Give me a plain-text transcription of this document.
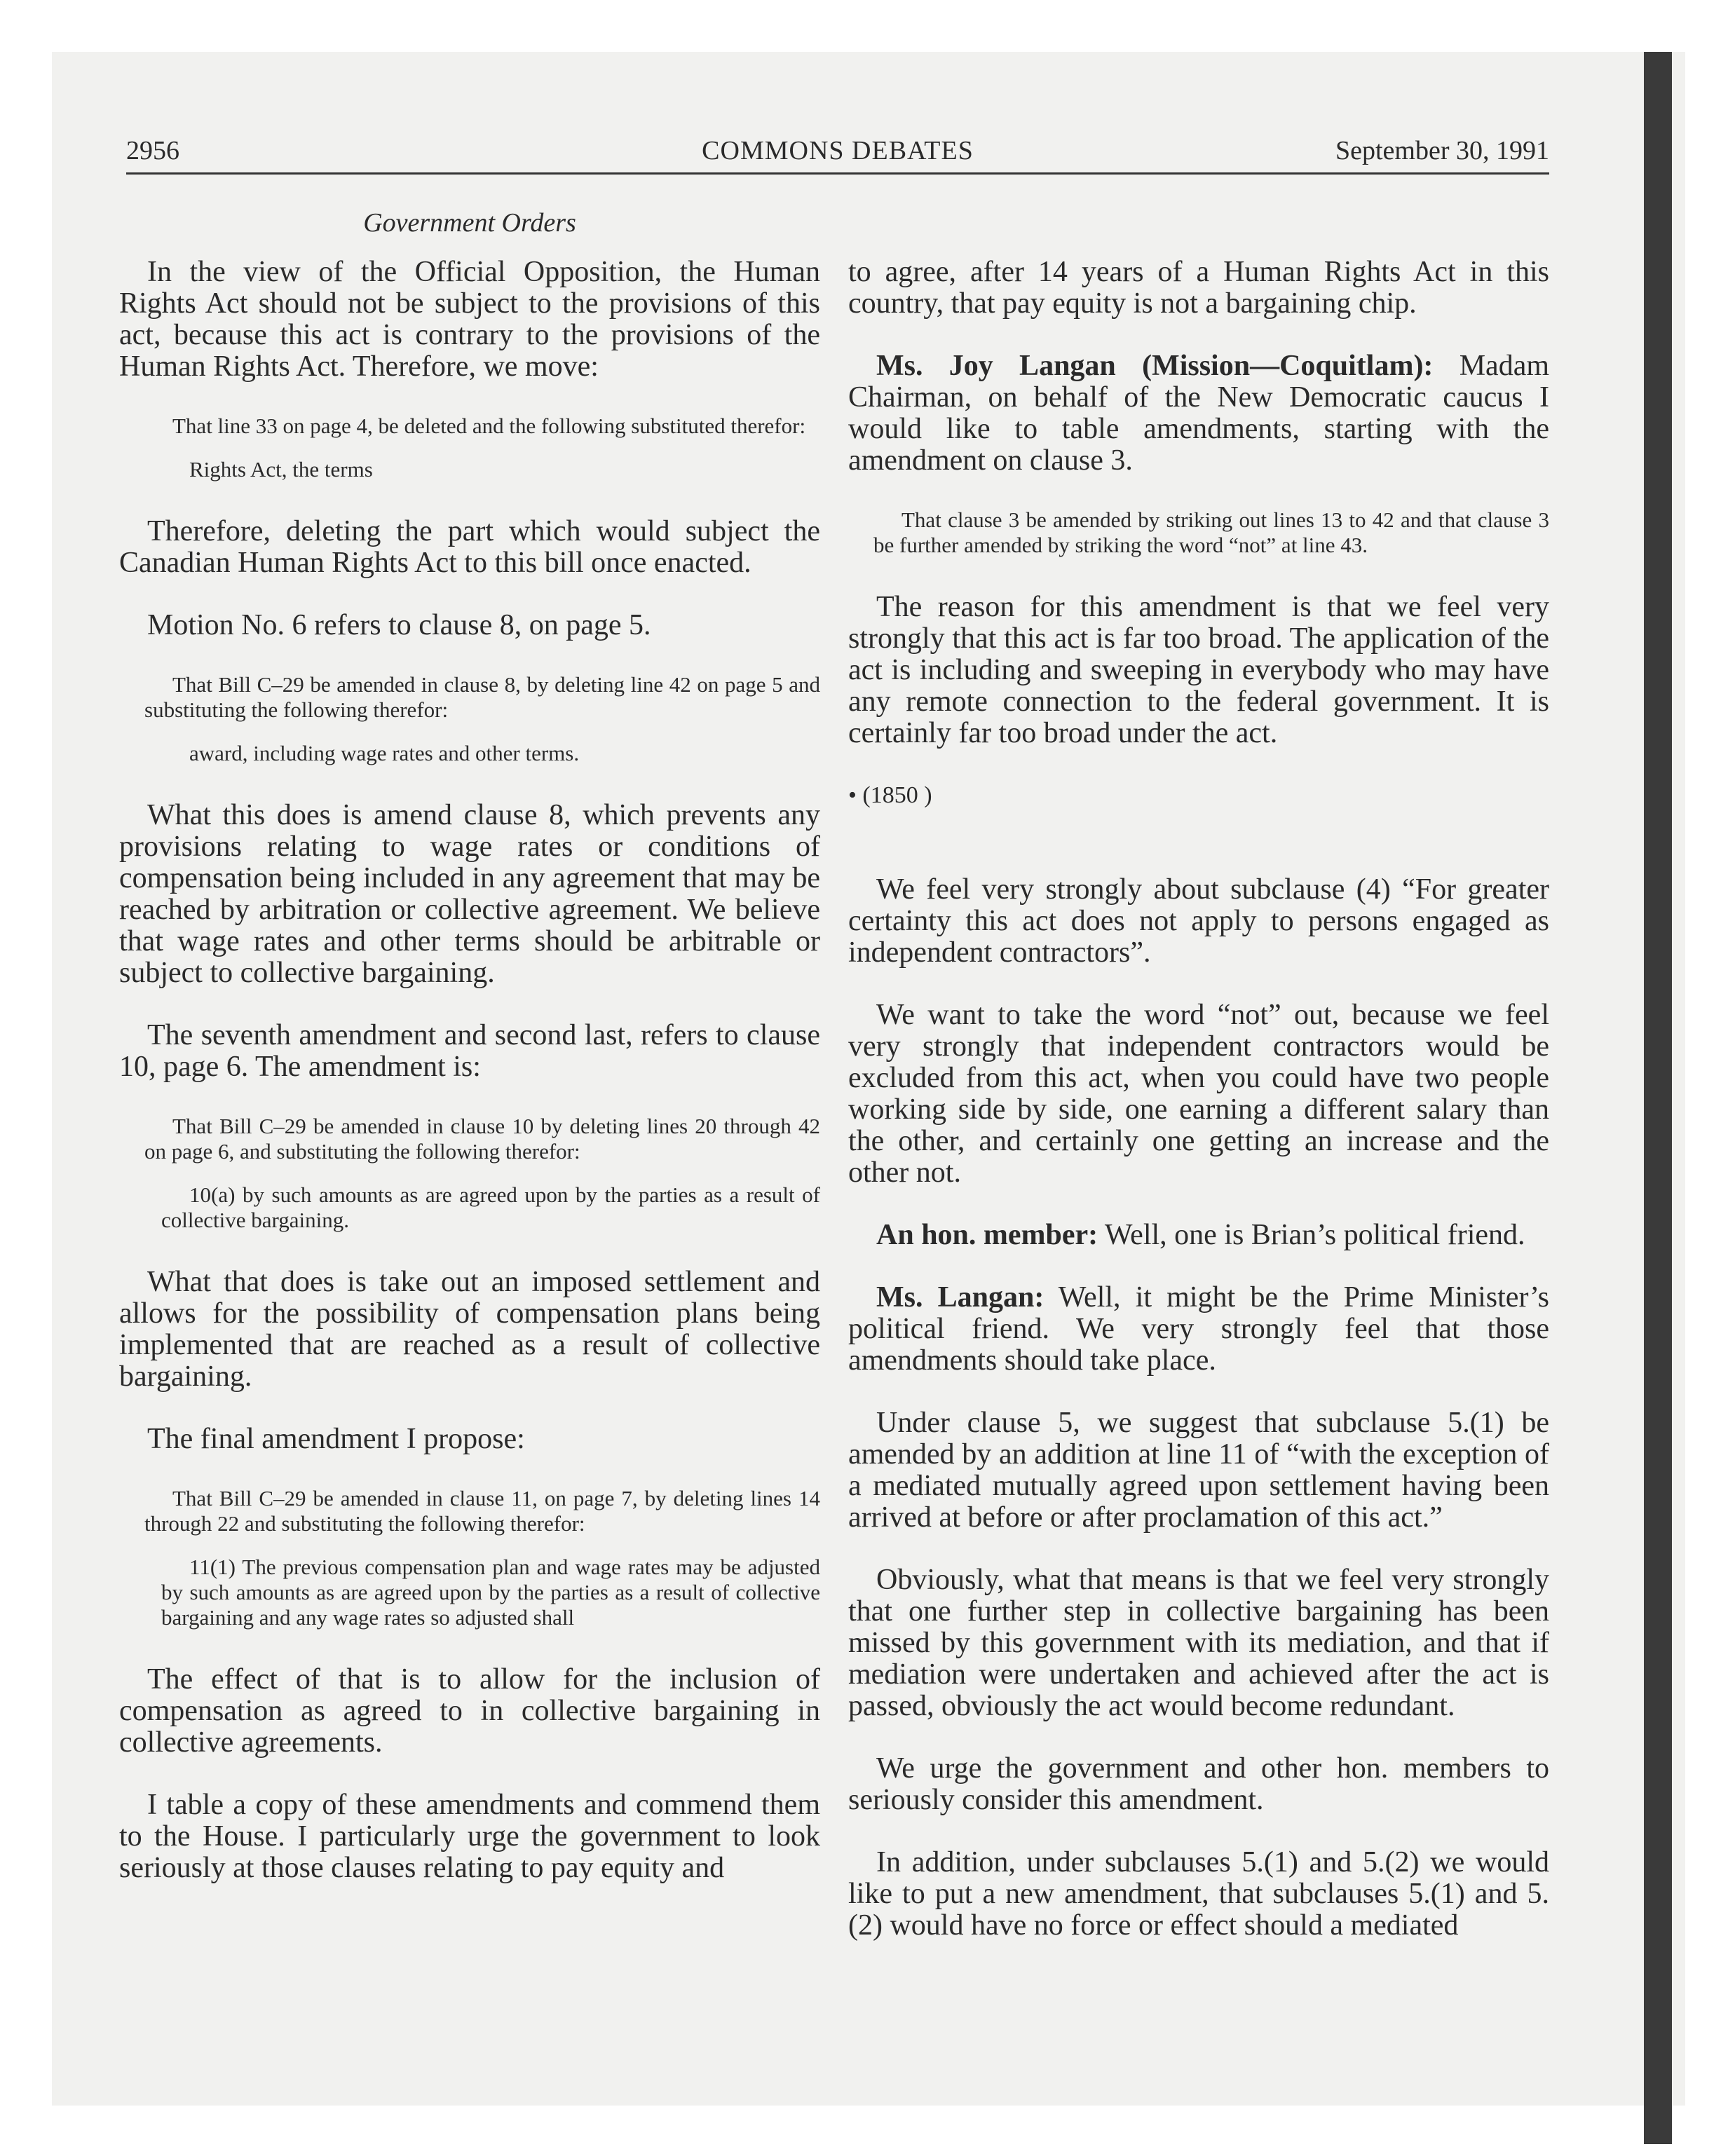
2956	COMMONS DEBATES	September 30, 1991
Government Orders

In the view of the Official Opposition, the Human Rights Act should not be subject to the provisions of this act, because this act is contrary to the provisions of the Human Rights Act. Therefore, we move:

That line 33 on page 4, be deleted and the following substituted therefor:

Rights Act, the terms

Therefore, deleting the part which would subject the Canadian Human Rights Act to this bill once enacted.

Motion No. 6 refers to clause 8, on page 5.

That Bill C–29 be amended in clause 8, by deleting line 42 on page 5 and substituting the following therefor:

award, including wage rates and other terms.

What this does is amend clause 8, which prevents any provisions relating to wage rates or conditions of compensation being included in any agreement that may be reached by arbitration or collective agreement. We believe that wage rates and other terms should be arbitrable or subject to collective bargaining.

The seventh amendment and second last, refers to clause 10, page 6. The amendment is:

That Bill C–29 be amended in clause 10 by deleting lines 20 through 42 on page 6, and substituting the following therefor:

10(a) by such amounts as are agreed upon by the parties as a result of collective bargaining.

What that does is take out an imposed settlement and allows for the possibility of compensation plans being implemented that are reached as a result of collective bargaining.

The final amendment I propose:

That Bill C–29 be amended in clause 11, on page 7, by deleting lines 14 through 22 and substituting the following therefor:

11(1) The previous compensation plan and wage rates may be adjusted by such amounts as are agreed upon by the parties as a result of collective bargaining and any wage rates so adjusted shall

The effect of that is to allow for the inclusion of compensation as agreed to in collective bargaining in collective agreements.

I table a copy of these amendments and commend them to the House. I particularly urge the government to look seriously at those clauses relating to pay equity and

to agree, after 14 years of a Human Rights Act in this country, that pay equity is not a bargaining chip.

Ms. Joy Langan (Mission—Coquitlam): Madam Chairman, on behalf of the New Democratic caucus I would like to table amendments, starting with the amendment on clause 3.

That clause 3 be amended by striking out lines 13 to 42 and that clause 3 be further amended by striking the word “not” at line 43.

The reason for this amendment is that we feel very strongly that this act is far too broad. The application of the act is including and sweeping in everybody who may have any remote connection to the federal government. It is certainly far too broad under the act.

• (1850 )

We feel very strongly about subclause (4) “For greater certainty this act does not apply to persons engaged as independent contractors”.

We want to take the word “not” out, because we feel very strongly that independent contractors would be excluded from this act, when you could have two people working side by side, one earning a different salary than the other, and certainly one getting an increase and the other not.

An hon. member: Well, one is Brian’s political friend.

Ms. Langan: Well, it might be the Prime Minister’s political friend. We very strongly feel that those amendments should take place.

Under clause 5, we suggest that subclause 5.(1) be amended by an addition at line 11 of “with the exception of a mediated mutually agreed upon settlement having been arrived at before or after proclamation of this act.”

Obviously, what that means is that we feel very strongly that one further step in collective bargaining has been missed by this government with its mediation, and that if mediation were undertaken and achieved after the act is passed, obviously the act would become redundant.

We urge the government and other hon. members to seriously consider this amendment.

In addition, under subclauses 5.(1) and 5.(2) we would like to put a new amendment, that subclauses 5.(1) and 5.(2) would have no force or effect should a mediated
